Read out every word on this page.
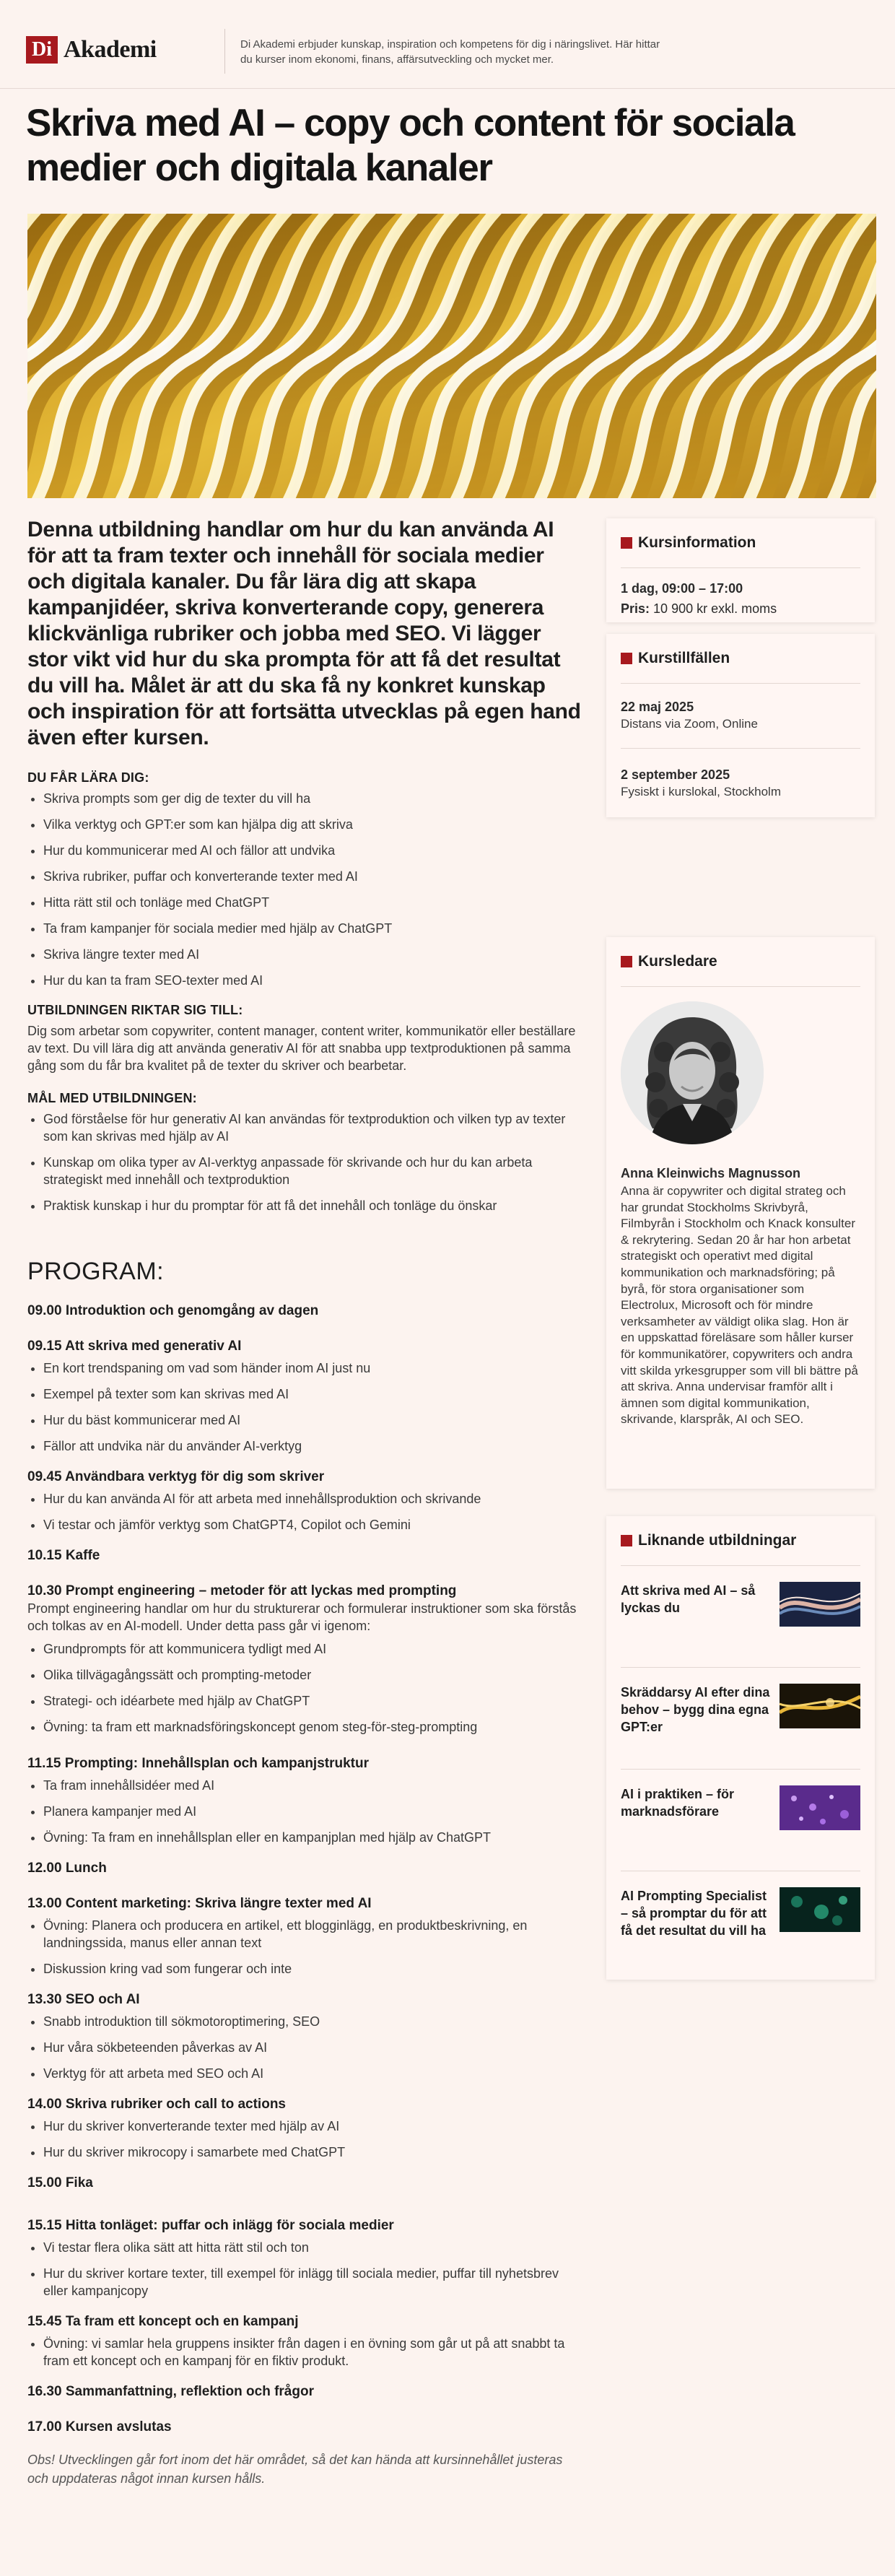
Di Akademi	Di Akademi erbjuder kunskap, inspiration och kompetens för dig i näringslivet. Här hittar du kurser inom ekonomi, finans, affärsutveckling och mycket mer.
Skriva med AI – copy och content för sociala medier och digitala kanaler

Denna utbildning handlar om hur du kan använda AI för att ta fram texter och innehåll för sociala medier och digitala kanaler. Du får lära dig att skapa kampanjidéer, skriva konverterande copy, generera klickvänliga rubriker och jobba med SEO. Vi lägger stor vikt vid hur du ska prompta för att få det resultat du vill ha. Målet är att du ska få ny konkret kunskap och inspiration för att fortsätta utvecklas på egen hand även efter kursen.

DU FÅR LÄRA DIG:
• Skriva prompts som ger dig de texter du vill ha
• Vilka verktyg och GPT:er som kan hjälpa dig att skriva
• Hur du kommunicerar med AI och fällor att undvika
• Skriva rubriker, puffar och konverterande texter med AI
• Hitta rätt stil och tonläge med ChatGPT
• Ta fram kampanjer för sociala medier med hjälp av ChatGPT
• Skriva längre texter med AI
• Hur du kan ta fram SEO-texter med AI
UTBILDNINGEN RIKTAR SIG TILL:

Dig som arbetar som copywriter, content manager, content writer, kommunikatör eller beställare av text. Du vill lära dig att använda generativ AI för att snabba upp textproduktionen på samma gång som du får bra kvalitet på de texter du skriver och bearbetar.

MÅL MED UTBILDNINGEN:
• God förståelse för hur generativ AI kan användas för textproduktion och vilken typ av texter som kan skrivas med hjälp av AI
• Kunskap om olika typer av AI-verktyg anpassade för skrivande och hur du kan arbeta strategiskt med innehåll och textproduktion
• Praktisk kunskap i hur du promptar för att få det innehåll och tonläge du önskar
PROGRAM:
09.00 Introduktion och genomgång av dagen
09.15 Att skriva med generativ AI
• En kort trendspaning om vad som händer inom AI just nu
• Exempel på texter som kan skrivas med AI
• Hur du bäst kommunicerar med AI
• Fällor att undvika när du använder AI-verktyg
09.45 Användbara verktyg för dig som skriver
• Hur du kan använda AI för att arbeta med innehållsproduktion och skrivande
• Vi testar och jämför verktyg som ChatGPT4, Copilot och Gemini
10.15 Kaffe
10.30 Prompt engineering – metoder för att lyckas med prompting

Prompt engineering handlar om hur du strukturerar och formulerar instruktioner som ska förstås och tolkas av en AI-modell. Under detta pass går vi igenom:

• Grundprompts för att kommunicera tydligt med AI
• Olika tillvägagångssätt och prompting-metoder
• Strategi- och idéarbete med hjälp av ChatGPT
• Övning: ta fram ett marknadsföringskoncept genom steg-för-steg-prompting
11.15 Prompting: Innehållsplan och kampanjstruktur
• Ta fram innehållsidéer med AI
• Planera kampanjer med AI
• Övning: Ta fram en innehållsplan eller en kampanjplan med hjälp av ChatGPT
12.00 Lunch
13.00 Content marketing: Skriva längre texter med AI
• Övning: Planera och producera en artikel, ett blogginlägg, en produktbeskrivning, en landningssida, manus eller annan text
• Diskussion kring vad som fungerar och inte
13.30 SEO och AI
• Snabb introduktion till sökmotoroptimering, SEO
• Hur våra sökbeteenden påverkas av AI
• Verktyg för att arbeta med SEO och AI
14.00 Skriva rubriker och call to actions
• Hur du skriver konverterande texter med hjälp av AI
• Hur du skriver mikrocopy i samarbete med ChatGPT
15.00 Fika
15.15 Hitta tonläget: puffar och inlägg för sociala medier
• Vi testar flera olika sätt att hitta rätt stil och ton
• Hur du skriver kortare texter, till exempel för inlägg till sociala medier, puffar till nyhetsbrev eller kampanjcopy
15.45 Ta fram ett koncept och en kampanj
• Övning: vi samlar hela gruppens insikter från dagen i en övning som går ut på att snabbt ta fram ett koncept och en kampanj för en fiktiv produkt.
16.30 Sammanfattning, reflektion och frågor
17.00 Kursen avslutas

Obs! Utvecklingen går fort inom det här området, så det kan hända att kursinnehållet justeras och uppdateras något innan kursen hålls.

Kursinformation
1 dag, 09:00 – 17:00
Pris: 10 900 kr exkl. moms
Kurstillfällen
22 maj 2025
Distans via Zoom, Online
2 september 2025
Fysiskt i kurslokal, Stockholm
Kursledare
Anna Kleinwichs Magnusson
Anna är copywriter och digital strateg och har grundat Stockholms Skrivbyrå, Filmbyrån i Stockholm och Knack konsulter & rekrytering. Sedan 20 år har hon arbetat strategiskt och operativt med digital kommunikation och marknadsföring; på byrå, för stora organisationer som Electrolux, Microsoft och för mindre verksamheter av väldigt olika slag. Hon är en uppskattad föreläsare som håller kurser för kommunikatörer, copywriters och andra vitt skilda yrkesgrupper som vill bli bättre på att skriva. Anna undervisar framför allt i ämnen som digital kommunikation, skrivande, klarspråk, AI och SEO.
Liknande utbildningar
Att skriva med AI – så lyckas du
Skräddarsy AI efter dina behov – bygg dina egna GPT:er
AI i praktiken – för marknadsförare
AI Prompting Specialist – så promptar du för att få det resultat du vill ha
